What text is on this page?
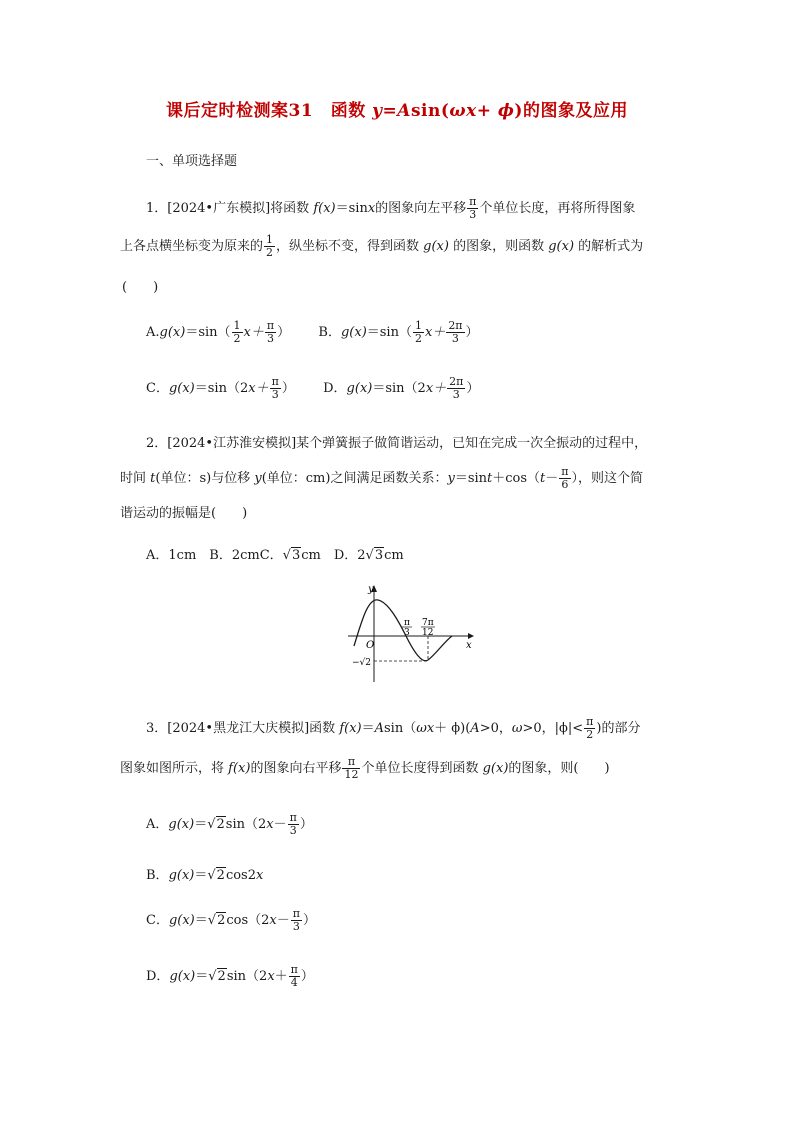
课后定时检测案31　函数 y=Asin(ωx+ ϕ)的图象及应用
一、单项选择题
1．[2024•广东模拟]将函数 f(x)＝sinx的图象向左平移 $\frac{\pi}{3}$ 个单位长度，再将所得图象
上各点横坐标变为原来的 $\frac{1}{2}$ ，纵坐标不变，得到函数 g(x) 的图象，则函数 g(x) 的解析式为
(　　)
$A.g(x)=\sin( \frac{1}{2} x+ \frac{\pi}{3}$ ） B．$g(x)=\sin( \frac{1}{2} x+ \frac{2\pi}{3}$ ）
C．$g(x)=\sin(2x+ \frac{\pi}{3}$ ） D．$g(x)=\sin(2x+ \frac{2\pi}{3}$ ）
2．[2024•江苏淮安模拟]某个弹簧振子做简谐运动，已知在完成一次全振动的过程中，
时间 t(单位：s)与位移 y(单位：cm)之间满足函数关系：$y=\sin t+\cos(t- \frac{\pi}{6}$ ），则这个简
谐运动的振幅是(　　)
A．1cm　B．2cmC．√3cm　D．2√3cm
y
x
O
π
3
7π
12
−√2
3．[2024•黑龙江大庆模拟]函数 f(x)＝Asin（ωx＋ ϕ)(A>0，ω>0，$|\phi|< \frac{\pi}{2}$ )的部分
图象如图所示，将 f(x)的图象向右平移 $\frac{\pi}{12}$ 个单位长度得到函数 g(x)的图象，则(　　)
A．$g(x)=√2\sin(2x- \frac{\pi}{3}$ ）
B．g(x)＝√2cos2x
C．$g(x)=√2\cos(2x- \frac{\pi}{3}$ ）
D．$g(x)=√2\sin(2x+ \frac{\pi}{4}$ ）
